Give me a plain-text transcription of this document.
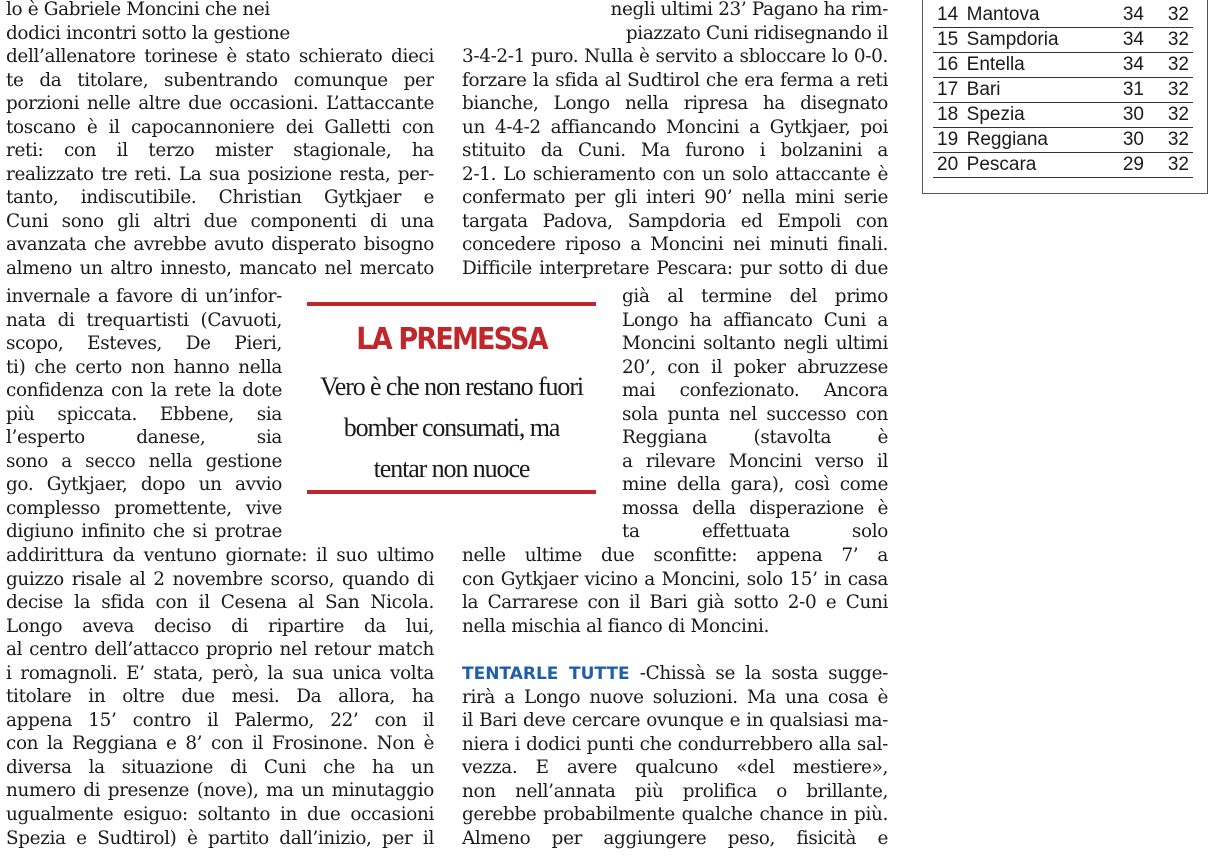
lo è Gabriele Moncini che nei
dodici incontri sotto la gestione
dell’allenatore torinese è stato schierato dieci
te da titolare, subentrando comunque per
porzioni nelle altre due occasioni. L’attaccante
toscano è il capocannoniere dei Galletti con
reti: con il terzo mister stagionale, ha
realizzato tre reti. La sua posizione resta, per-
tanto, indiscutibile. Christian Gytkjaer e
Cuni sono gli altri due componenti di una
avanzata che avrebbe avuto disperato bisogno
almeno un altro innesto, mancato nel mercato
invernale a favore di un’infor-
nata di trequartisti (Cavuoti,
scopo, Esteves, De Pieri,
ti) che certo non hanno nella
confidenza con la rete la dote
più spiccata. Ebbene, sia
l’esperto danese, sia
sono a secco nella gestione
go. Gytkjaer, dopo un avvio
complesso promettente, vive
digiuno infinito che si protrae
addirittura da ventuno giornate: il suo ultimo
guizzo risale al 2 novembre scorso, quando di
decise la sfida con il Cesena al San Nicola.
Longo aveva deciso di ripartire da lui,
al centro dell’attacco proprio nel retour match
i romagnoli. E’ stata, però, la sua unica volta
titolare in oltre due mesi. Da allora, ha
appena 15’ contro il Palermo, 22’ con il
con la Reggiana e 8’ con il Frosinone. Non è
diversa la situazione di Cuni che ha un
numero di presenze (nove), ma un minutaggio
ugualmente esiguo: soltanto in due occasioni
Spezia e Sudtirol) è partito dall’inizio, per il
negli ultimi 23’ Pagano ha rim-
piazzato Cuni ridisegnando il
3-4-2-1 puro. Nulla è servito a sbloccare lo 0-0.
forzare la sfida al Sudtirol che era ferma a reti
bianche, Longo nella ripresa ha disegnato
un 4-4-2 affiancando Moncini a Gytkjaer, poi
stituito da Cuni. Ma furono i bolzanini a
2-1. Lo schieramento con un solo attaccante è
confermato per gli interi 90’ nella mini serie
targata Padova, Sampdoria ed Empoli con
concedere riposo a Moncini nei minuti finali.
Difficile interpretare Pescara: pur sotto di due
già al termine del primo
Longo ha affiancato Cuni a
Moncini soltanto negli ultimi
20’, con il poker abruzzese
mai confezionato. Ancora
sola punta nel successo con
Reggiana (stavolta è
a rilevare Moncini verso il
mine della gara), così come
mossa della disperazione è
ta effettuata solo
nelle ultime due sconfitte: appena 7’ a
con Gytkjaer vicino a Moncini, solo 15’ in casa
la Carrarese con il Bari già sotto 2-0 e Cuni
nella mischia al fianco di Moncini.
TENTARLE TUTTE -Chissà se la sosta sugge-
rirà a Longo nuove soluzioni. Ma una cosa è
il Bari deve cercare ovunque e in qualsiasi ma-
niera i dodici punti che condurrebbero alla sal-
vezza. E avere qualcuno «del mestiere»,
non nell’annata più prolifica o brillante,
gerebbe probabilmente qualche chance in più.
Almeno per aggiungere peso, fisicità e
LA PREMESSA
Vero è che non restano fuori
bomber consumati, ma
tentar non nuoce
14	Mantova	34	32
15	Sampdoria	34	32
16	Entella	34	32
17	Bari	31	32
18	Spezia	30	32
19	Reggiana	30	32
20	Pescara	29	32
